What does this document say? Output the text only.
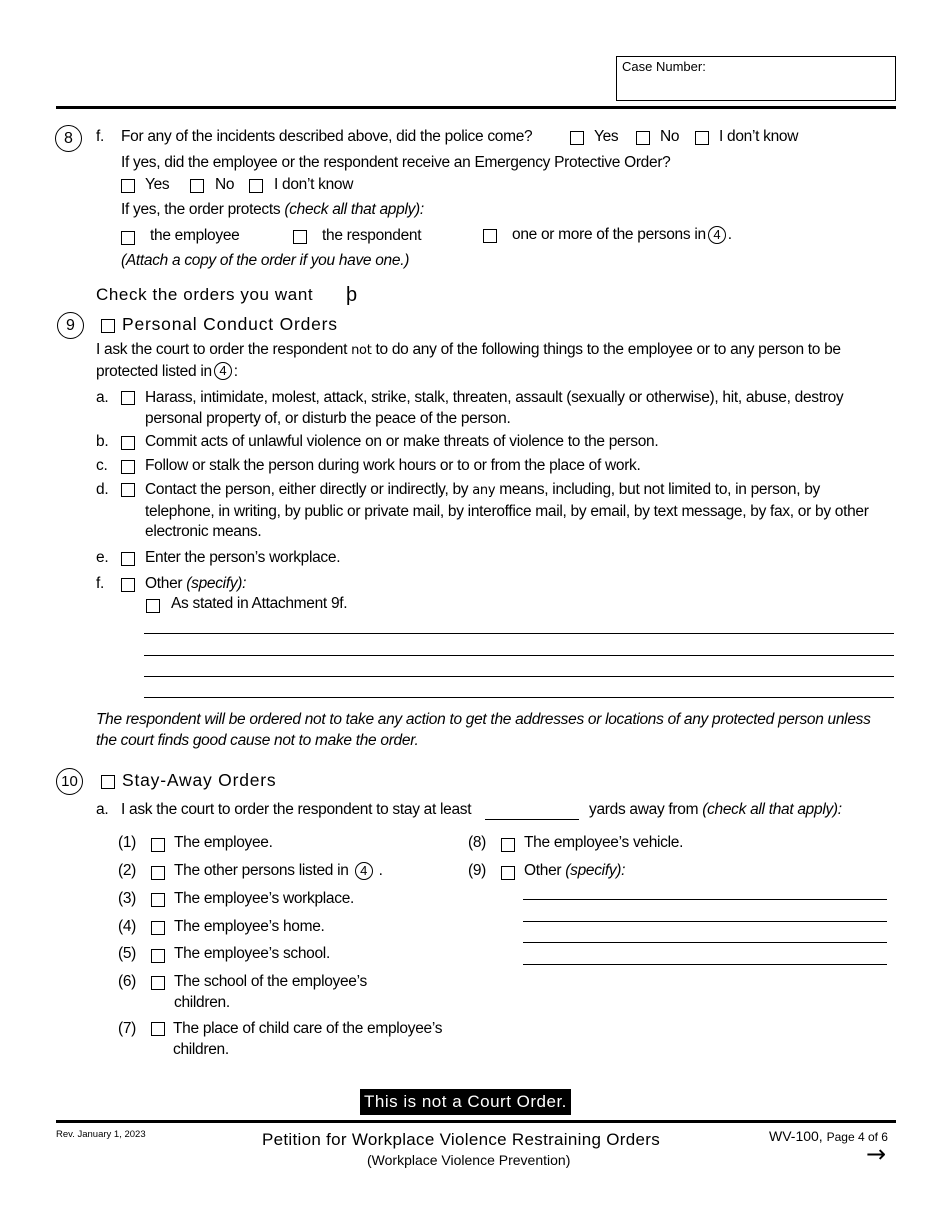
Case Number:
8	f. For any of the incidents described above, did the police come?	Yes	No	I don’t know
If yes, did the employee or the respondent receive an Emergency Protective Order?
Yes	No	I don’t know
If yes, the order protects (check all that apply):
the employee	the respondent	one or more of the persons in 4 .
(Attach a copy of the order if you have one.)
Check the orders you want þ
9	Personal Conduct Orders
I ask the court to order the respondent not to do any of the following things to the employee or to any person to be protected listed in 4 :
a. Harass, intimidate, molest, attack, strike, stalk, threaten, assault (sexually or otherwise), hit, abuse, destroy personal property of, or disturb the peace of the person.
b. Commit acts of unlawful violence on or make threats of violence to the person.
c. Follow or stalk the person during work hours or to or from the place of work.
d. Contact the person, either directly or indirectly, by any means, including, but not limited to, in person, by telephone, in writing, by public or private mail, by interoffice mail, by email, by text message, by fax, or by other electronic means.
e. Enter the person’s workplace.
f.	Other (specify):
As stated in Attachment 9f.
The respondent will be ordered not to take any action to get the addresses or locations of any protected person unless the court finds good cause not to make the order.
10	Stay-Away Orders
a. I ask the court to order the respondent to stay at least	yards away from (check all that apply):
(1) The employee.
(2) The other persons listed in 4 .
(3) The employee’s workplace.
(4) The employee’s home.
(5) The employee’s school.
(6) The school of the employee’s children.
(7) The place of child care of the employee’s children.
(8) The employee’s vehicle.
(9) Other (specify):
This is not a Court Order.
Rev. January 1, 2023	Petition for Workplace Violence Restraining Orders
(Workplace Violence Prevention)
WV-100, Page 4 of 6
→
